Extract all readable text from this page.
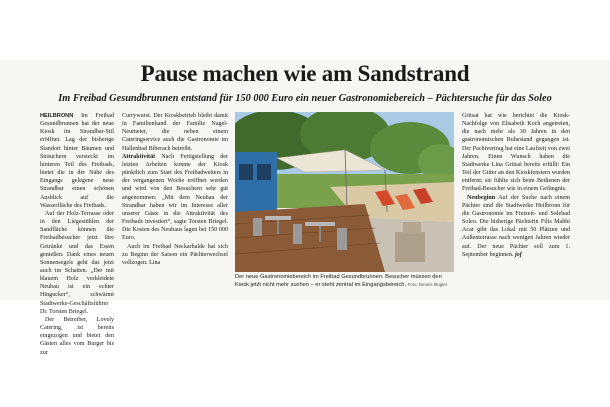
Pause machen wie am Sandstrand
Im Freibad Gesundbrunnen entstand für 150 000 Euro ein neuer Gastronomiebereich – Pächtersuche für das Soleo

HEILBRONN Im Freibad Gesundbrunnen hat der neue Kiosk im Strandbar-Stil eröffnet. Lag der bisherige Standort hinter Bäumen und Sträuchern versteckt im hinteren Teil des Freibads, bietet die in der Nähe des Eingangs gelegene neue Strandbar einen schönen Ausblick auf die Wasserfläche des Freibads.

Auf der Holz-Terrasse oder in den Liegestühlen der Sandfläche können die Freibadbesucher jetzt ihre Getränke und das Essen genießen. Dank eines neuen Sonnensegels geht das jetzt auch im Schatten. „Der mit blauem Holz verkleidete Neubau ist ein echter Hingucker“, schwärmt Stadtwerke-Geschäftsführer Dr. Torsten Briegel.

Der Betreiber, Lovely Catering, ist bereits eingezogen und bietet den Gästen alles vom Burger bis zur

Currywurst. Der Kioskbetrieb bleibt damit in Familienhand der Familie Nagel-Neumeier, die neben einem Cateringservice auch die Gastronomie im Hallenbad Biberach betreibt.

Attraktivität Nach Fertigstellung der letzten Arbeiten konnte der Kiosk pünktlich zum Start des Freibadwetters in der vergangenen Woche eröffnet werden und wird von den Besuchern sehr gut angenommen. „Mit dem Neubau der Strandbar haben wir im Interesse aller unserer Gäste in die Attraktivität des Freibads investiert“, sagte Torsten Briegel. Die Kosten des Neubaus lagen bei 150 000 Euro.

Auch im Freibad Neckarhalde hat sich zu Beginn der Saison ein Pächterwechsel vollzogen. Lina

Der neue Gastronomiebereich im Freibad Gesundbrunnen. Besucher müssen den Kiosk jetzt nicht mehr suchen – er steht zentral im Eingangsbereich. Foto: Dennis Mugler

Gritsai hat wie berichtet die Kiosk-Nachfolge von Elisabeth Koch angetreten, die nach mehr als 30 Jahren in den gastronomischen Ruhestand gegangen ist. Der Pachtvertrag hat eine Laufzeit von zwei Jahren. Einen Wunsch haben die Stadtwerke Lina Gritsai bereits erfüllt: Ein Teil der Gitter an den Kioskfenstern wurden entfernt; sie fühlte sich beim Bedienen der Freibad-Besucher wie in einem Gefängnis.

Neubeginn Auf der Suche nach einem Pächter sind die Stadtwerke Heilbronn für die Gastronomie im Freizeit- und Solebad Soleo. Die bisherige Pächterin Filis Mahhi Acar gibt das Lokal mit 50 Plätzen und Außenterrasse nach wenigen Jahren wieder auf. Der neue Pächter soll zum 1. September beginnen. jof
